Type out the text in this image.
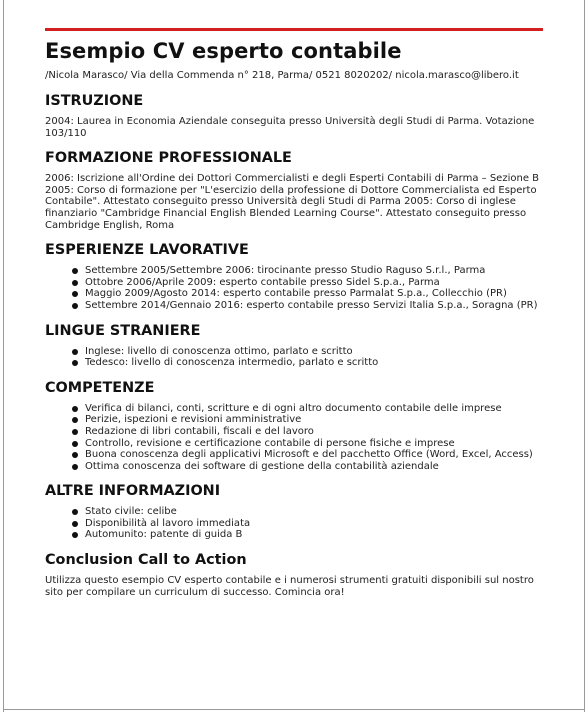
Esempio CV esperto contabile
/Nicola Marasco/ Via della Commenda n° 218, Parma/ 0521 8020202/ nicola.marasco@libero.it
ISTRUZIONE
2004: Laurea in Economia Aziendale conseguita presso Università degli Studi di Parma. Votazione 103/110
FORMAZIONE PROFESSIONALE
2006: Iscrizione all'Ordine dei Dottori Commercialisti e degli Esperti Contabili di Parma – Sezione B 2005: Corso di formazione per "L'esercizio della professione di Dottore Commercialista ed Esperto Contabile". Attestato conseguito presso Università degli Studi di Parma 2005: Corso di inglese finanziario "Cambridge Financial English Blended Learning Course". Attestato conseguito presso Cambridge English, Roma
ESPERIENZE LAVORATIVE
Settembre 2005/Settembre 2006: tirocinante presso Studio Raguso S.r.l., Parma
Ottobre 2006/Aprile 2009: esperto contabile presso Sidel S.p.a., Parma
Maggio 2009/Agosto 2014: esperto contabile presso Parmalat S.p.a., Collecchio (PR)
Settembre 2014/Gennaio 2016: esperto contabile presso Servizi Italia S.p.a., Soragna (PR)
LINGUE STRANIERE
Inglese: livello di conoscenza ottimo, parlato e scritto
Tedesco: livello di conoscenza intermedio, parlato e scritto
COMPETENZE
Verifica di bilanci, conti, scritture e di ogni altro documento contabile delle imprese
Perizie, ispezioni e revisioni amministrative
Redazione di libri contabili, fiscali e del lavoro
Controllo, revisione e certificazione contabile di persone fisiche e imprese
Buona conoscenza degli applicativi Microsoft e del pacchetto Office (Word, Excel, Access)
Ottima conoscenza dei software di gestione della contabilità aziendale
ALTRE INFORMAZIONI
Stato civile: celibe
Disponibilità al lavoro immediata
Automunito: patente di guida B
Conclusion Call to Action
Utilizza questo esempio CV esperto contabile e i numerosi strumenti gratuiti disponibili sul nostro sito per compilare un curriculum di successo. Comincia ora!
